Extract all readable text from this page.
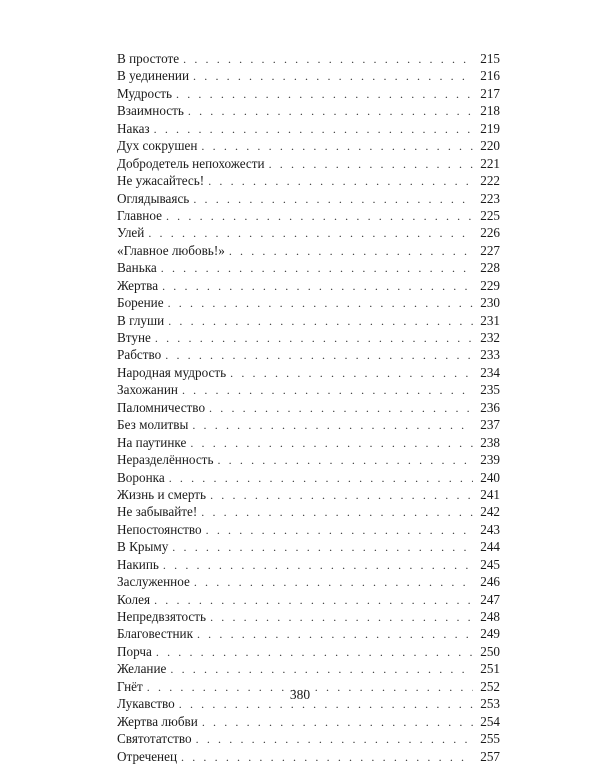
В простоте . . .	215
В уединении . . .	216
Мудрость . . .	217
Взаимность . . .	218
Наказ . . .	219
Дух сокрушен . . .	220
Добродетель непохожести . . .	221
Не ужасайтесь! . . .	222
Оглядываясь . . .	223
Главное . . .	225
Улей . . .	226
«Главное любовь!» . . .	227
Ванька . . .	228
Жертва . . .	229
Борение . . .	230
В глуши . . .	231
Втуне . . .	232
Рабство . . .	233
Народная мудрость . . .	234
Захожанин . . .	235
Паломничество . . .	236
Без молитвы . . .	237
На паутинке . . .	238
Неразделённость . . .	239
Воронка . . .	240
Жизнь и смерть . . .	241
Не забывайте! . . .	242
Непостоянство . . .	243
В Крыму . . .	244
Накипь . . .	245
Заслуженное . . .	246
Колея . . .	247
Непредвзятость . . .	248
Благовестник . . .	249
Порча . . .	250
Желание . . .	251
Гнёт . . .	252
Лукавство . . .	253
Жертва любви . . .	254
Святотатство . . .	255
Отреченец . . .	257
380
